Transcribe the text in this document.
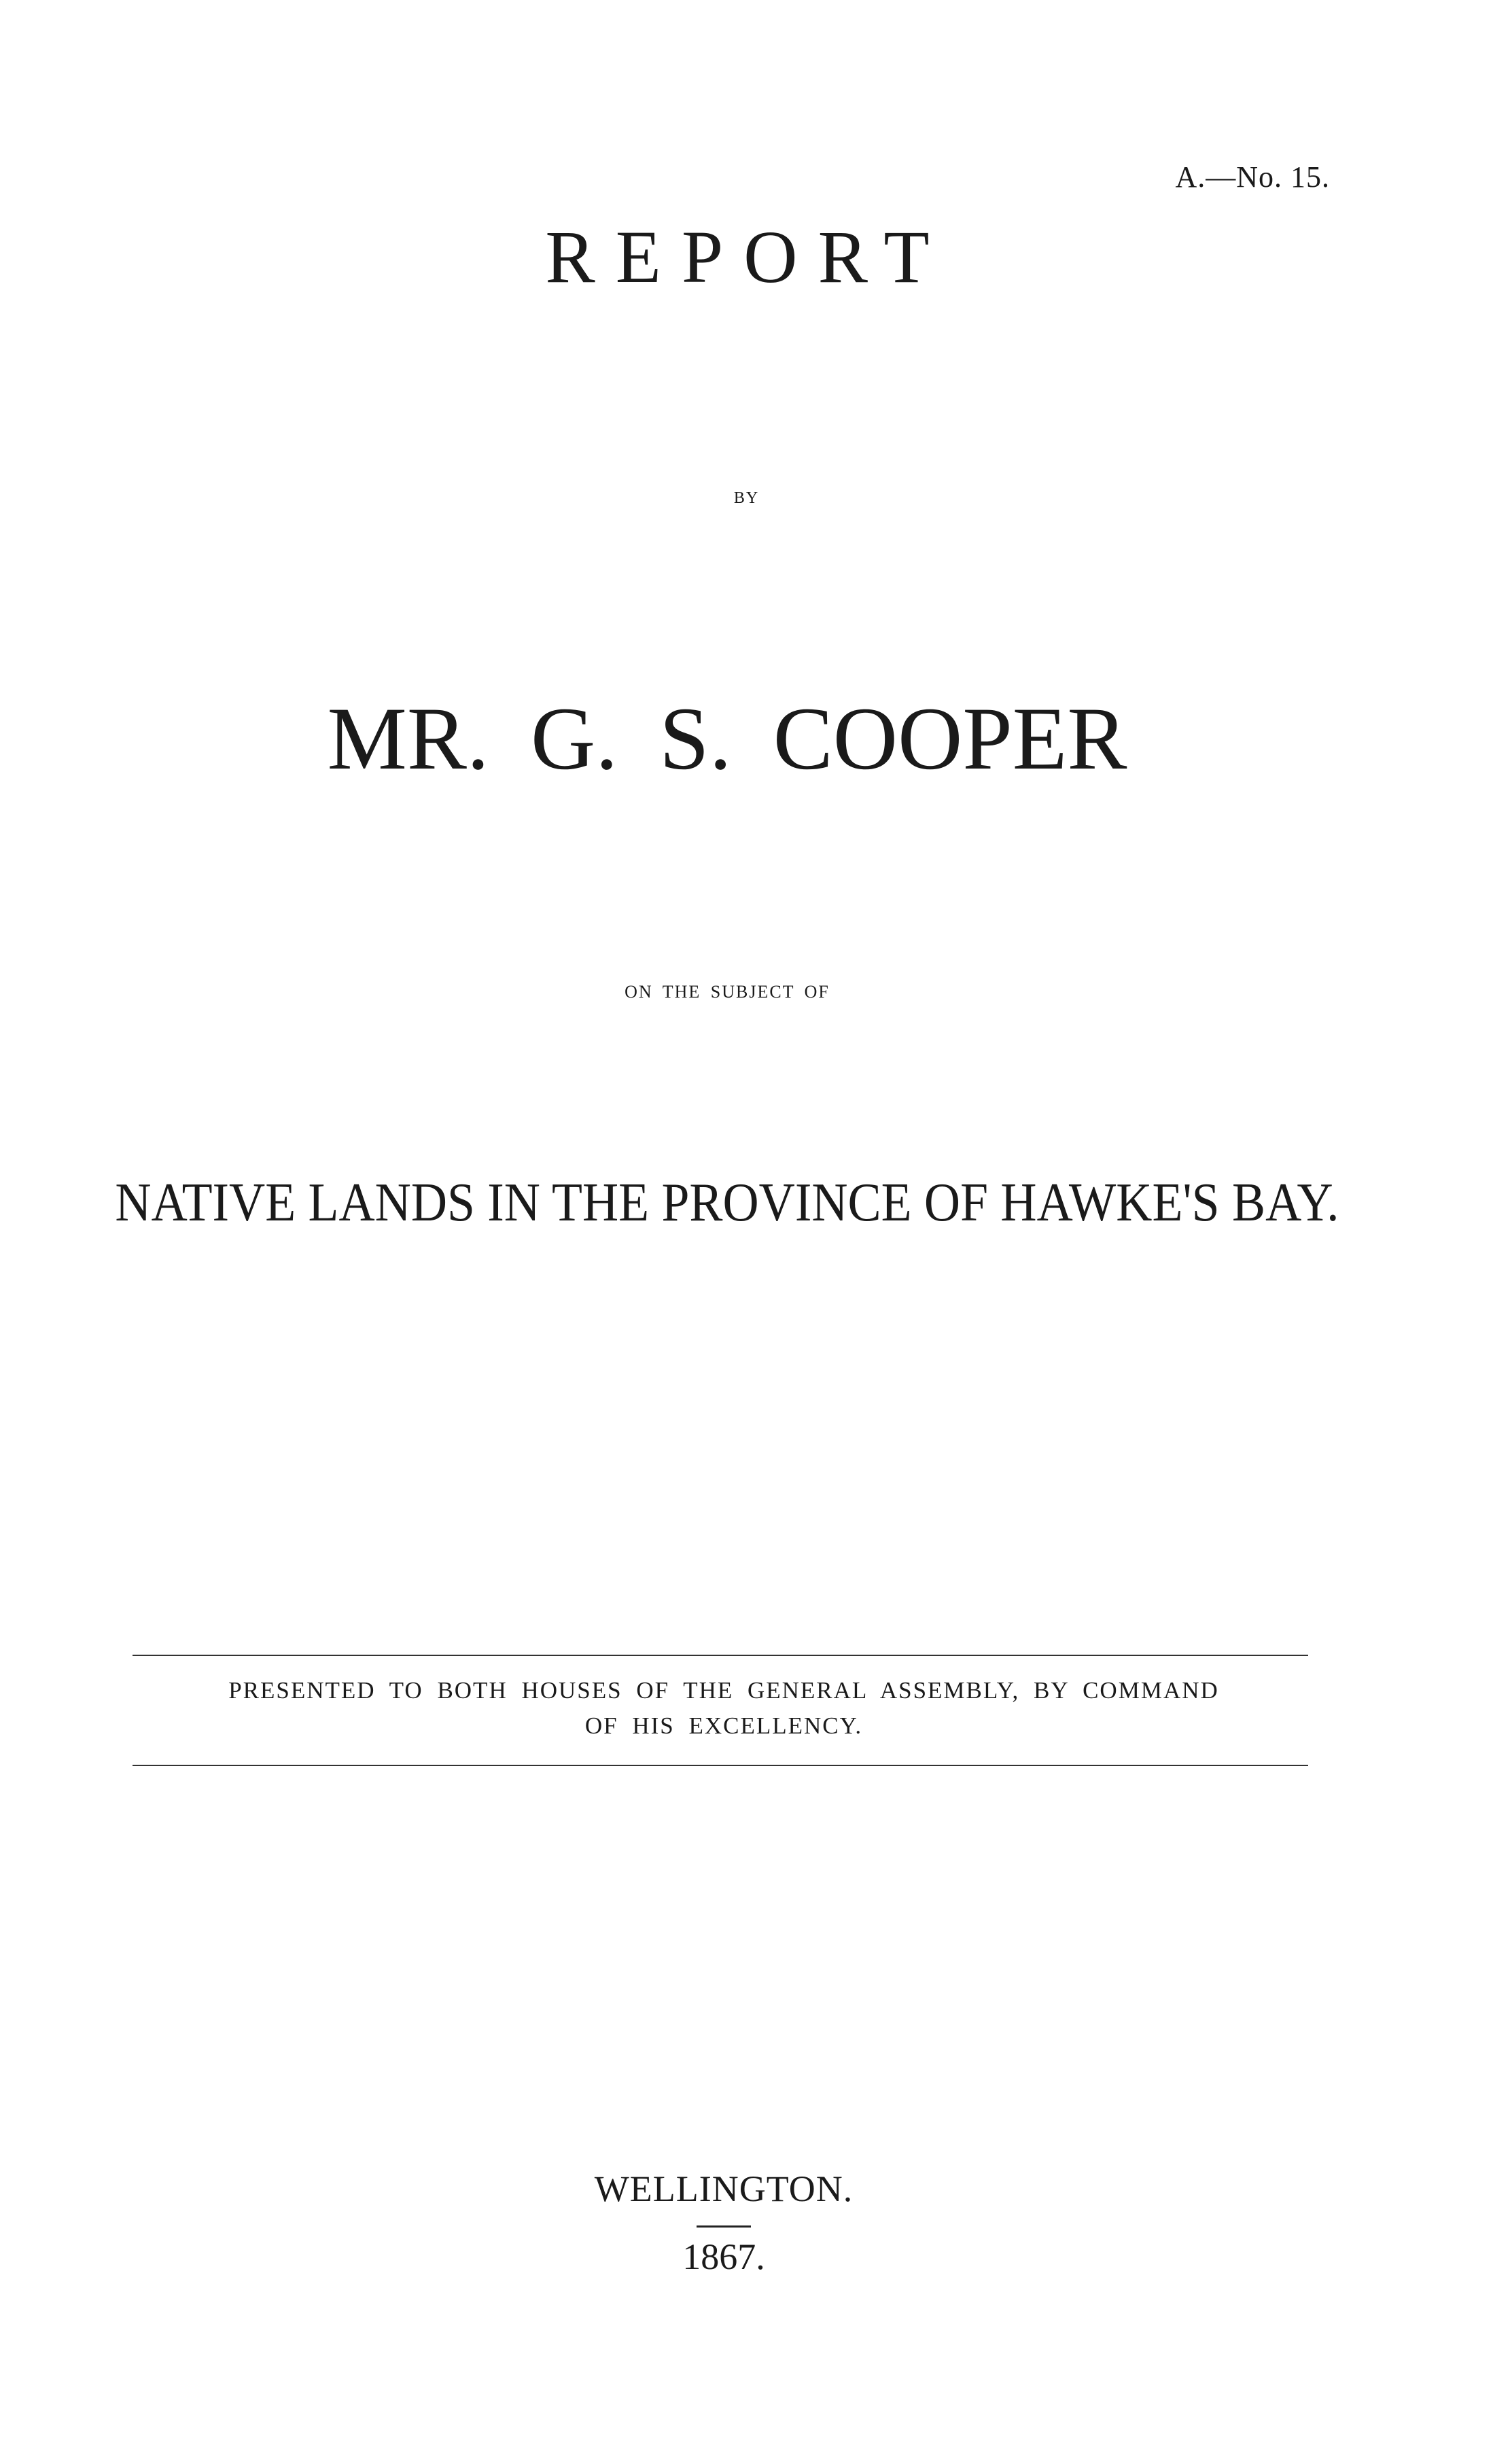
A.—No. 15.
REPORT
BY
MR. G. S. COOPER
ON THE SUBJECT OF
NATIVE LANDS IN THE PROVINCE OF HAWKE'S BAY.
PRESENTED TO BOTH HOUSES OF THE GENERAL ASSEMBLY, BY COMMAND
OF HIS EXCELLENCY.
WELLINGTON.
1867.
